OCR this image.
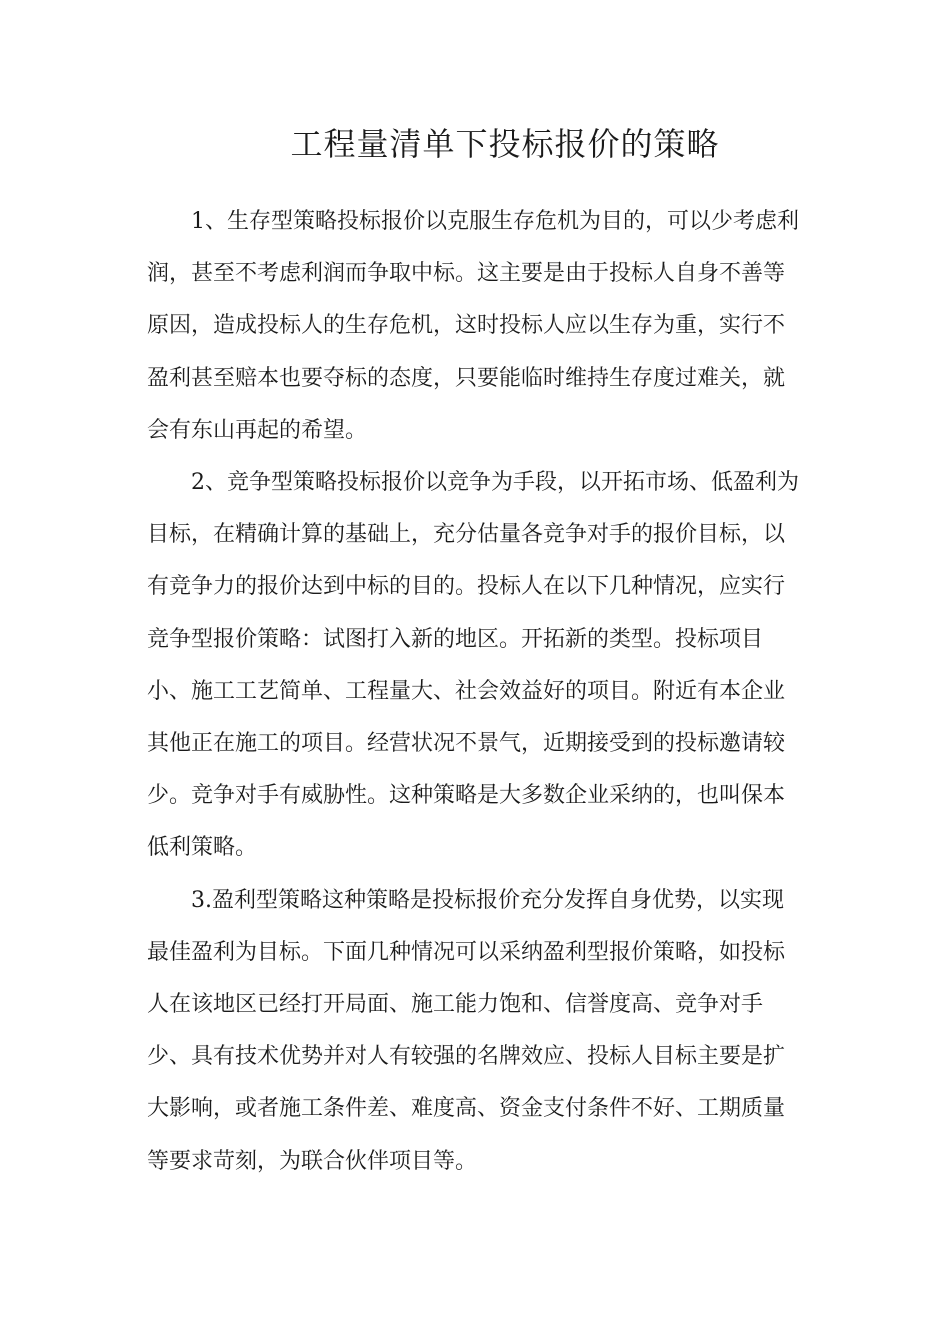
工程量清单下投标报价的策略

1、生存型策略投标报价以克服生存危机为目的，可以少考虑利
润，甚至不考虑利润而争取中标。这主要是由于投标人自身不善等
原因，造成投标人的生存危机，这时投标人应以生存为重，实行不
盈利甚至赔本也要夺标的态度，只要能临时维持生存度过难关，就
会有东山再起的希望。

2、竞争型策略投标报价以竞争为手段，以开拓市场、低盈利为
目标，在精确计算的基础上，充分估量各竞争对手的报价目标，以
有竞争力的报价达到中标的目的。投标人在以下几种情况，应实行
竞争型报价策略：试图打入新的地区。开拓新的类型。投标项目
小、施工工艺简单、工程量大、社会效益好的项目。附近有本企业
其他正在施工的项目。经营状况不景气，近期接受到的投标邀请较
少。竞争对手有威胁性。这种策略是大多数企业采纳的，也叫保本
低利策略。

3.盈利型策略这种策略是投标报价充分发挥自身优势，以实现
最佳盈利为目标。下面几种情况可以采纳盈利型报价策略，如投标
人在该地区已经打开局面、施工能力饱和、信誉度高、竞争对手
少、具有技术优势并对人有较强的名牌效应、投标人目标主要是扩
大影响，或者施工条件差、难度高、资金支付条件不好、工期质量
等要求苛刻，为联合伙伴项目等。
